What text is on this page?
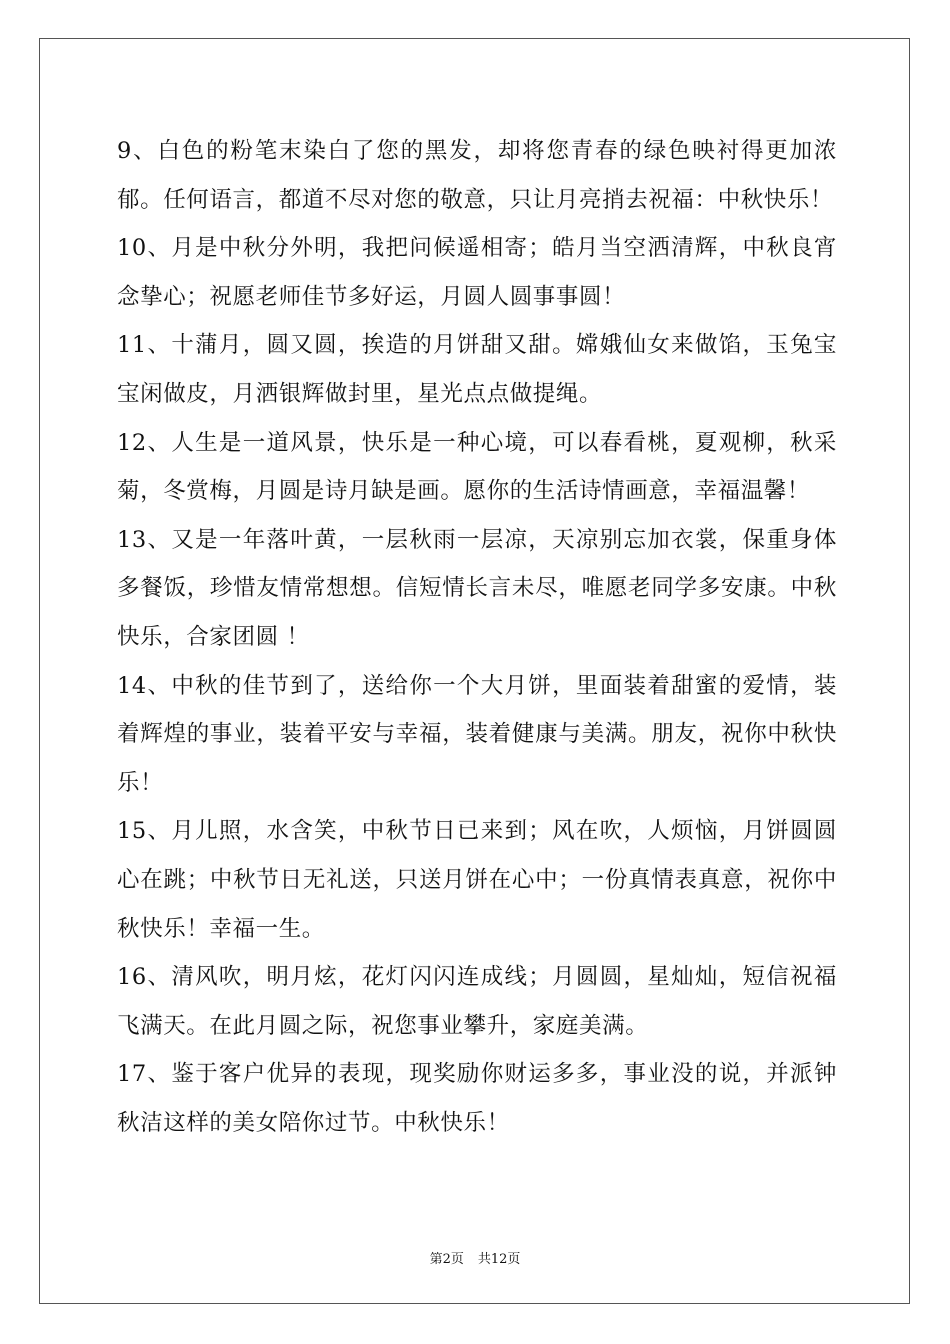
9、白色的粉笔末染白了您的黑发，却将您青春的绿色映衬得更加浓郁。任何语言，都道不尽对您的敬意，只让月亮捎去祝福：中秋快乐！

10、月是中秋分外明，我把问候遥相寄；皓月当空洒清辉，中秋良宵念挚心；祝愿老师佳节多好运，月圆人圆事事圆！

11、十蒲月，圆又圆，挨造的月饼甜又甜。嫦娥仙女来做馅，玉兔宝宝闲做皮，月洒银辉做封里，星光点点做提绳。

12、人生是一道风景，快乐是一种心境，可以春看桃，夏观柳，秋采菊，冬赏梅，月圆是诗月缺是画。愿你的生活诗情画意，幸福温馨！

13、又是一年落叶黄，一层秋雨一层凉，天凉别忘加衣裳，保重身体多餐饭，珍惜友情常想想。信短情长言未尽，唯愿老同学多安康。中秋快乐，合家团圆 ！

14、中秋的佳节到了，送给你一个大月饼，里面装着甜蜜的爱情，装着辉煌的事业，装着平安与幸福，装着健康与美满。朋友，祝你中秋快乐！

15、月儿照，水含笑，中秋节日已来到；风在吹，人烦恼，月饼圆圆心在跳；中秋节日无礼送，只送月饼在心中；一份真情表真意，祝你中秋快乐！幸福一生。

16、清风吹，明月炫，花灯闪闪连成线；月圆圆，星灿灿，短信祝福飞满天。在此月圆之际，祝您事业攀升，家庭美满。

17、鉴于客户优异的表现，现奖励你财运多多，事业没的说，并派钟秋洁这样的美女陪你过节。中秋快乐！

第2页 共12页
